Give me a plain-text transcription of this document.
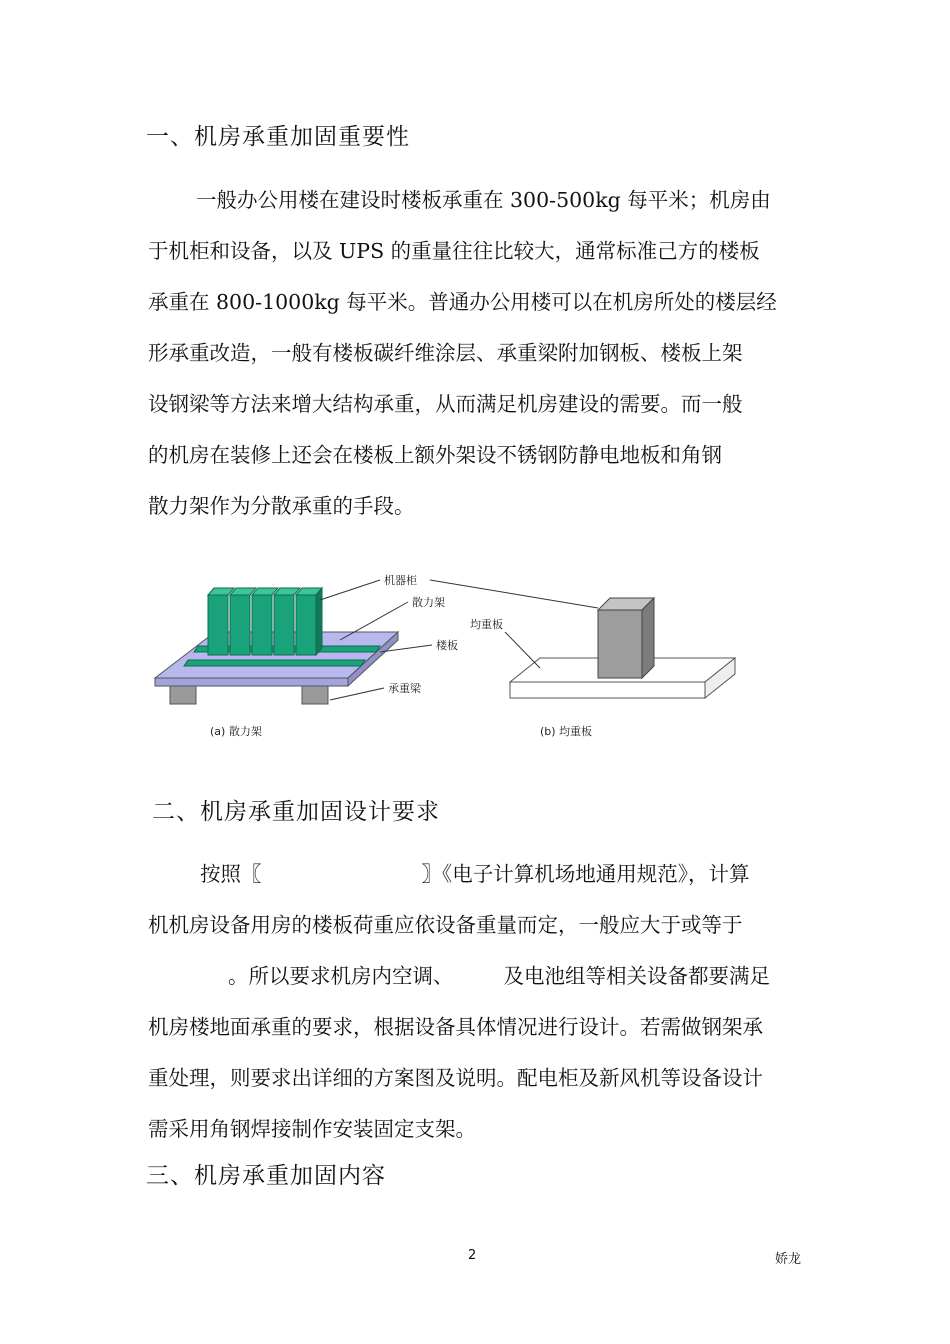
一、机房承重加固重要性
一般办公用楼在建设时楼板承重在 300-500kg 每平米；机房由
于机柜和设备，以及 UPS 的重量往往比较大，通常标准己方的楼板
承重在 800-1000kg 每平米。普通办公用楼可以在机房所处的楼层经
形承重改造，一般有楼板碳纤维涂层、承重梁附加钢板、楼板上架
设钢梁等方法来增大结构承重，从而满足机房建设的需要。而一般
的机房在装修上还会在楼板上额外架设不锈钢防静电地板和角钢
散力架作为分散承重的手段。
机器柜
散力架
楼板
承重梁
(a) 散力架
均重板
(b) 均重板
二、机房承重加固设计要求
按照〖	〗《电子计算机场地通用规范》，计算
机机房设备用房的楼板荷重应依设备重量而定，一般应大于或等于
。所以要求机房内空调、 及电池组等相关设备都要满足
机房楼地面承重的要求，根据设备具体情况进行设计。若需做钢架承
重处理，则要求出详细的方案图及说明。配电柜及新风机等设备设计
需采用角钢焊接制作安装固定支架。
三、机房承重加固内容
2	娇龙
